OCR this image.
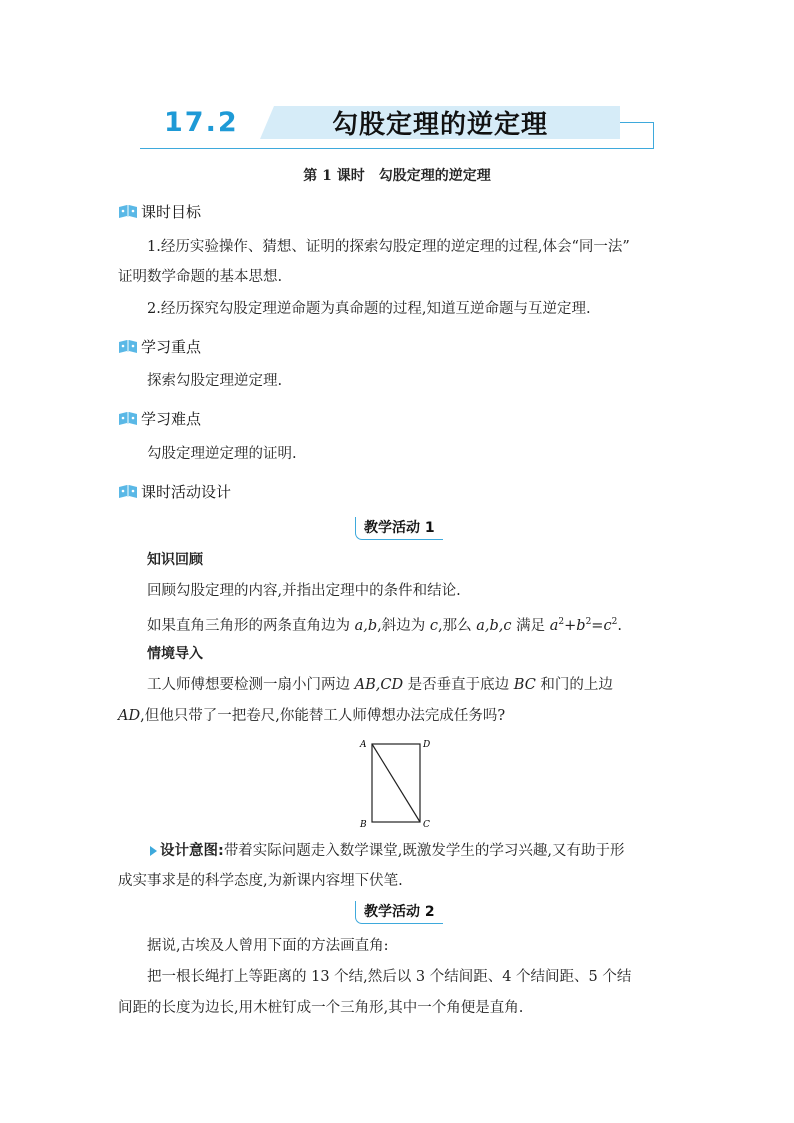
17.2	勾股定理的逆定理
第 1 课时　勾股定理的逆定理
课时目标
1.经历实验操作、猜想、证明的探索勾股定理的逆定理的过程,体会“同一法”
证明数学命题的基本思想.
2.经历探究勾股定理逆命题为真命题的过程,知道互逆命题与互逆定理.
学习重点
探索勾股定理逆定理.
学习难点
勾股定理逆定理的证明.
课时活动设计
教学活动 1
知识回顾
回顾勾股定理的内容,并指出定理中的条件和结论.
如果直角三角形的两条直角边为 a,b,斜边为 c,那么 a,b,c 满足 $a^2+b^2=c^2$.
情境导入
工人师傅想要检测一扇小门两边 AB,CD 是否垂直于底边 BC 和门的上边
AD,但他只带了一把卷尺,你能替工人师傅想办法完成任务吗?
A	D
B	C
设计意图:带着实际问题走入数学课堂,既激发学生的学习兴趣,又有助于形
成实事求是的科学态度,为新课内容埋下伏笔.
教学活动 2
据说,古埃及人曾用下面的方法画直角:
把一根长绳打上等距离的 13 个结,然后以 3 个结间距、4 个结间距、5 个结
间距的长度为边长,用木桩钉成一个三角形,其中一个角便是直角.
